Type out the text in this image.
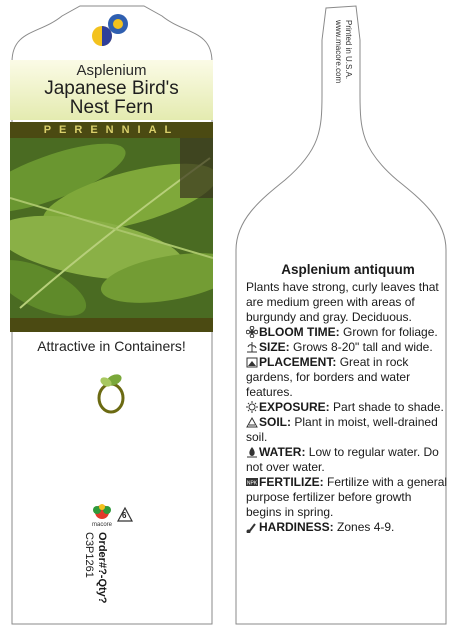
Asplenium
Japanese Bird's
Nest Fern
PERENNIAL
Attractive in Containers!
macore
6
Order#?-Qty?
C3P1261
Printed in U.S.A.
www.macore.com
Asplenium antiquum

Plants have strong, curly leaves that are medium green with areas of burgundy and gray. Deciduous.

BLOOM TIME: Grown for foliage.

SIZE: Grows 8-20" tall and wide.

PLACEMENT: Great in rock gardens, for borders and water features.

EXPOSURE: Part shade to shade.

SOIL: Plant in moist, well-drained soil.

WATER: Low to regular water. Do not over water.

NPK FERTILIZE: Fertilize with a general purpose fertilizer before growth begins in spring.

HARDINESS: Zones 4-9.
